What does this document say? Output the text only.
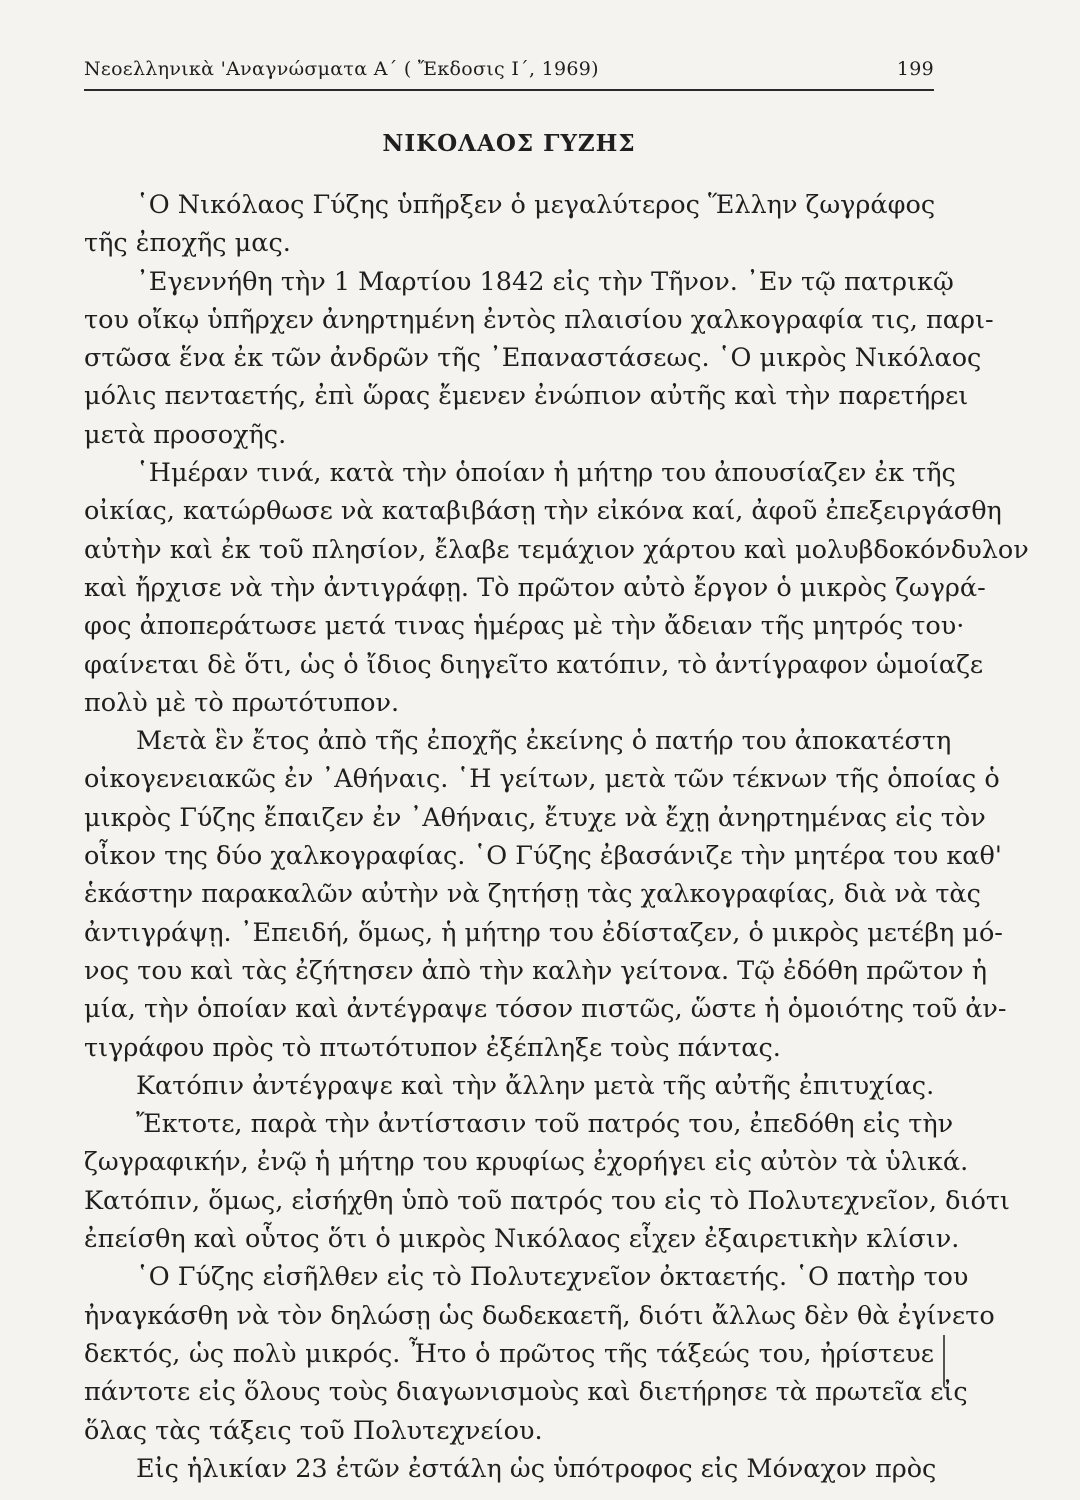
Νεοελληνικὰ 'Αναγνώσματα Α΄ ( Ἔκδοσις Ι΄, 1969)	199
ΝΙΚΟΛΑΟΣ ΓΥΖΗΣ
῾Ο Νικόλαος Γύζης ὑπῆρξεν ὁ μεγαλύτερος Ἕλλην ζωγράφος
τῆς ἐποχῆς μας.
᾿Εγεννήθη τὴν 1 Μαρτίου 1842 εἰς τὴν Τῆνον. ᾿Εν τῷ πατρικῷ
του οἴκῳ ὑπῆρχεν ἀνηρτημένη ἐντὸς πλαισίου χαλκογραφία τις, παρι-
στῶσα ἕνα ἐκ τῶν ἀνδρῶν τῆς ᾿Επαναστάσεως. ῾Ο μικρὸς Νικόλαος
μόλις πενταετής, ἐπὶ ὥρας ἔμενεν ἐνώπιον αὐτῆς καὶ τὴν παρετήρει
μετὰ προσοχῆς.
῾Ημέραν τινά, κατὰ τὴν ὁποίαν ἡ μήτηρ του ἀπουσίαζεν ἐκ τῆς
οἰκίας, κατώρθωσε νὰ καταβιβάσῃ τὴν εἰκόνα καί, ἀφοῦ ἐπεξειργάσθη
αὐτὴν καὶ ἐκ τοῦ πλησίον, ἔλαβε τεμάχιον χάρτου καὶ μολυβδοκόνδυλον
καὶ ἤρχισε νὰ τὴν ἀντιγράφῃ. Τὸ πρῶτον αὐτὸ ἔργον ὁ μικρὸς ζωγρά-
φος ἀποπεράτωσε μετά τινας ἡμέρας μὲ τὴν ἄδειαν τῆς μητρός του·
φαίνεται δὲ ὅτι, ὡς ὁ ἴδιος διηγεῖτο κατόπιν, τὸ ἀντίγραφον ὡμοίαζε
πολὺ μὲ τὸ πρωτότυπον.
Μετὰ ἓν ἔτος ἀπὸ τῆς ἐποχῆς ἐκείνης ὁ πατήρ του ἀποκατέστη
οἰκογενειακῶς ἐν ᾿Αθήναις. ῾Η γείτων, μετὰ τῶν τέκνων τῆς ὁποίας ὁ
μικρὸς Γύζης ἔπαιζεν ἐν ᾿Αθήναις, ἔτυχε νὰ ἔχῃ ἀνηρτημένας εἰς τὸν
οἶκον της δύο χαλκογραφίας. ῾Ο Γύζης ἐβασάνιζε τὴν μητέρα του καθ'
ἑκάστην παρακαλῶν αὐτὴν νὰ ζητήσῃ τὰς χαλκογραφίας, διὰ νὰ τὰς
ἀντιγράψῃ. ᾿Επειδή, ὅμως, ἡ μήτηρ του ἐδίσταζεν, ὁ μικρὸς μετέβη μό-
νος του καὶ τὰς ἐζήτησεν ἀπὸ τὴν καλὴν γείτονα. Τῷ ἐδόθη πρῶτον ἡ
μία, τὴν ὁποίαν καὶ ἀντέγραψε τόσον πιστῶς, ὥστε ἡ ὁμοιότης τοῦ ἀν-
τιγράφου πρὸς τὸ πτωτότυπον ἐξέπληξε τοὺς πάντας.
Κατόπιν ἀντέγραψε καὶ τὴν ἄλλην μετὰ τῆς αὐτῆς ἐπιτυχίας.
Ἔκτοτε, παρὰ τὴν ἀντίστασιν τοῦ πατρός του, ἐπεδόθη εἰς τὴν
ζωγραφικήν, ἐνῷ ἡ μήτηρ του κρυφίως ἐχορήγει εἰς αὐτὸν τὰ ὑλικά.
Κατόπιν, ὅμως, εἰσήχθη ὑπὸ τοῦ πατρός του εἰς τὸ Πολυτεχνεῖον, διότι
ἐπείσθη καὶ οὗτος ὅτι ὁ μικρὸς Νικόλαος εἶχεν ἐξαιρετικὴν κλίσιν.
῾Ο Γύζης εἰσῆλθεν εἰς τὸ Πολυτεχνεῖον ὀκταετής. ῾Ο πατὴρ του
ἠναγκάσθη νὰ τὸν δηλώσῃ ὡς δωδεκαετῆ, διότι ἄλλως δὲν θὰ ἐγίνετο
δεκτός, ὡς πολὺ μικρός. Ἦτο ὁ πρῶτος τῆς τάξεώς του, ἠρίστευε
πάντοτε εἰς ὅλους τοὺς διαγωνισμοὺς καὶ διετήρησε τὰ πρωτεῖα εἰς
ὅλας τὰς τάξεις τοῦ Πολυτεχνείου.
Εἰς ἡλικίαν 23 ἐτῶν ἐστάλη ὡς ὑπότροφος εἰς Μόναχον πρὸς
